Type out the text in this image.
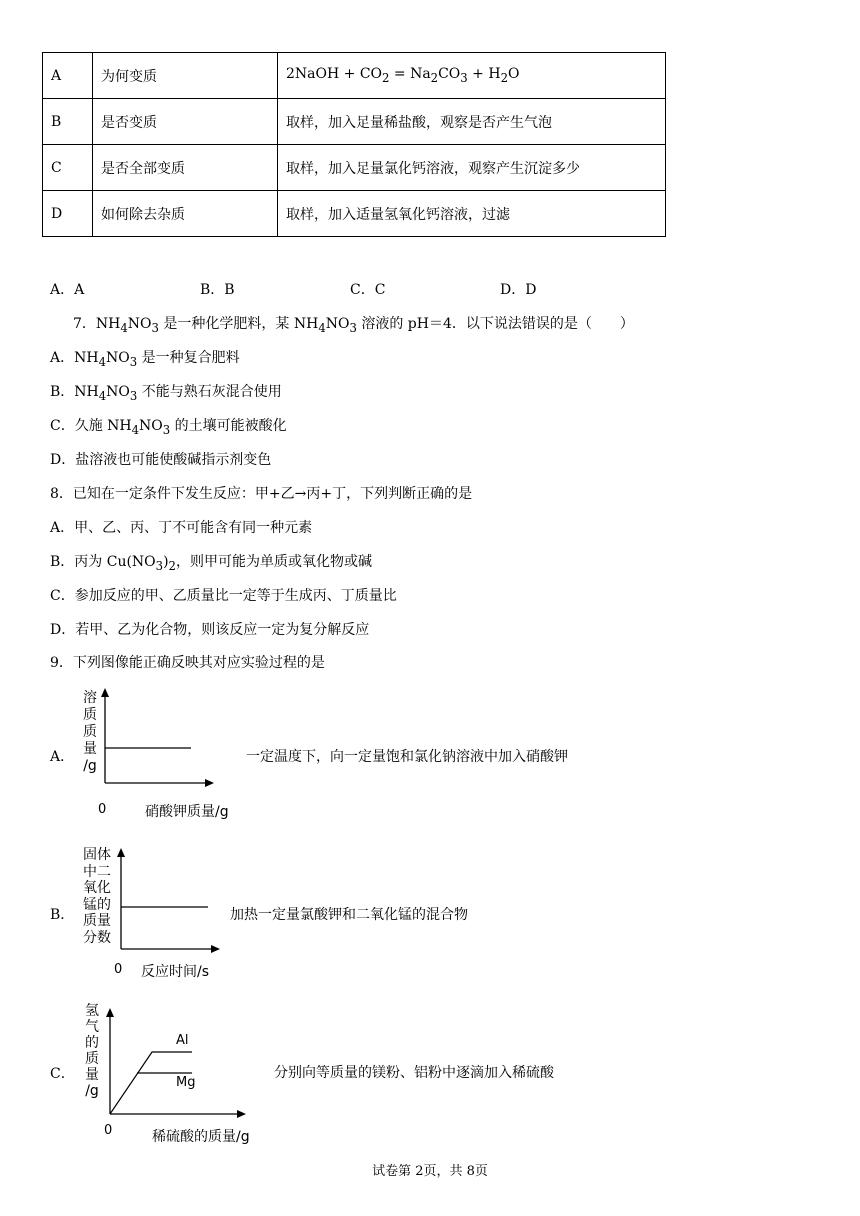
A	为何变质	2NaOH + $CO_2 = Na_2CO_3 + H_2O$
B	是否变质	取样，加入足量稀盐酸，观察是否产生气泡
C	是否全部变质	取样，加入足量氯化钙溶液，观察产生沉淀多少
D	如何除去杂质	取样，加入适量氢氧化钙溶液，过滤
A．A	B．B	C．C	D．D
7．$NH_4NO_3$ 是一种化学肥料，某 $NH_4NO_3$ 溶液的 pH＝4．以下说法错误的是（　　）
A．$NH_4NO_3$ 是一种复合肥料
B．$NH_4NO_3$ 不能与熟石灰混合使用
C．久施 $NH_4NO_3$ 的土壤可能被酸化
D．盐溶液也可能使酸碱指示剂变色
8．已知在一定条件下发生反应：甲+乙→丙+丁，下列判断正确的是
A．甲、乙、丙、丁不可能含有同一种元素
B．丙为 $Cu(NO_3)_2$，则甲可能为单质或氧化物或碱
C．参加反应的甲、乙质量比一定等于生成丙、丁质量比
D．若甲、乙为化合物，则该反应一定为复分解反应
9．下列图像能正确反映其对应实验过程的是
A．
溶
质
质
量
/g
0	硝酸钾质量/g
一定温度下，向一定量饱和氯化钠溶液中加入硝酸钾
B．
固体
中二
氧化
锰的
质量
分数
0 反应时间/s
加热一定量氯酸钾和二氧化锰的混合物
C．
氢
气
的
质
量
/g
Al
Mg
0	稀硫酸的质量/g
分别向等质量的镁粉、铝粉中逐滴加入稀硫酸
试卷第 2页，共 8页
